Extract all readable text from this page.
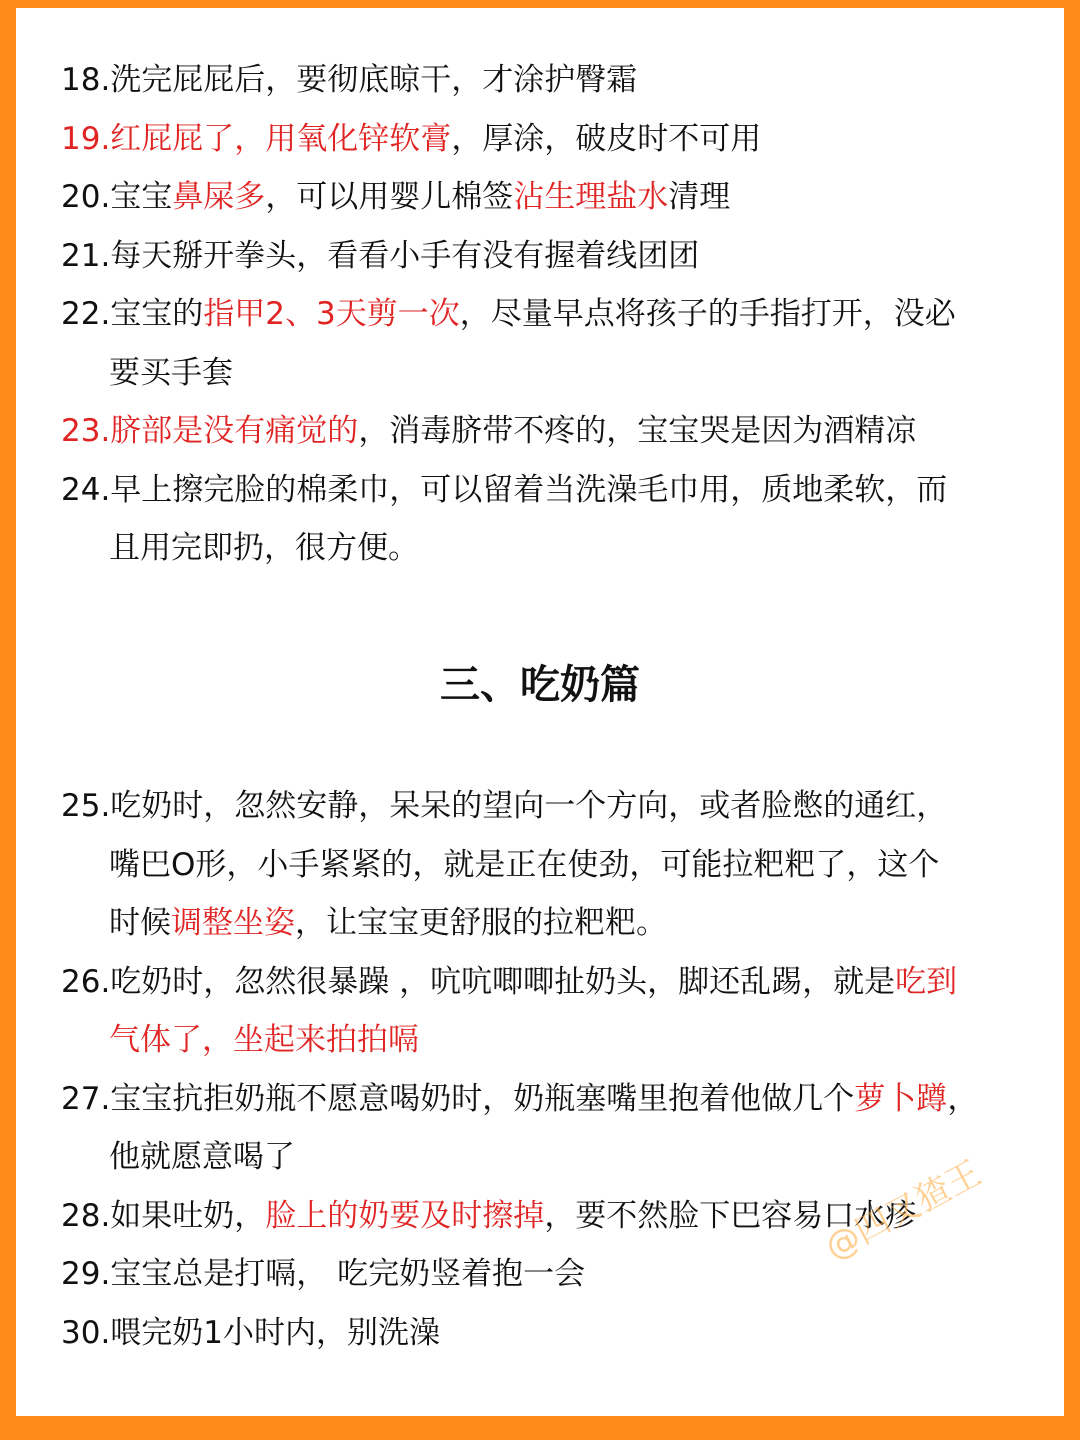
18.洗完屁屁后，要彻底晾干，才涂护臀霜
19.红屁屁了，用氧化锌软膏，厚涂，破皮时不可用
20.宝宝鼻屎多，可以用婴儿棉签沾生理盐水清理
21.每天掰开拳头，看看小手有没有握着线团团
22.宝宝的指甲2、3天剪一次，尽量早点将孩子的手指打开，没必
要买手套
23.脐部是没有痛觉的，消毒脐带不疼的，宝宝哭是因为酒精凉
24.早上擦完脸的棉柔巾，可以留着当洗澡毛巾用，质地柔软，而
且用完即扔，很方便。
三、吃奶篇
25.吃奶时，忽然安静，呆呆的望向一个方向，或者脸憋的通红，
嘴巴O形，小手紧紧的，就是正在使劲，可能拉粑粑了，这个
时候调整坐姿，让宝宝更舒服的拉粑粑。
26.吃奶时，忽然很暴躁 ，吭吭唧唧扯奶头，脚还乱踢，就是吃到
气体了，坐起来拍拍嗝
27.宝宝抗拒奶瓶不愿意喝奶时，奶瓶塞嘴里抱着他做几个萝卜蹲，
他就愿意喝了
28.如果吐奶，脸上的奶要及时擦掉，要不然脸下巴容易口水疹
29.宝宝总是打嗝， 吃完奶竖着抱一会
30.喂完奶1小时内，别洗澡
@四叉猹王
